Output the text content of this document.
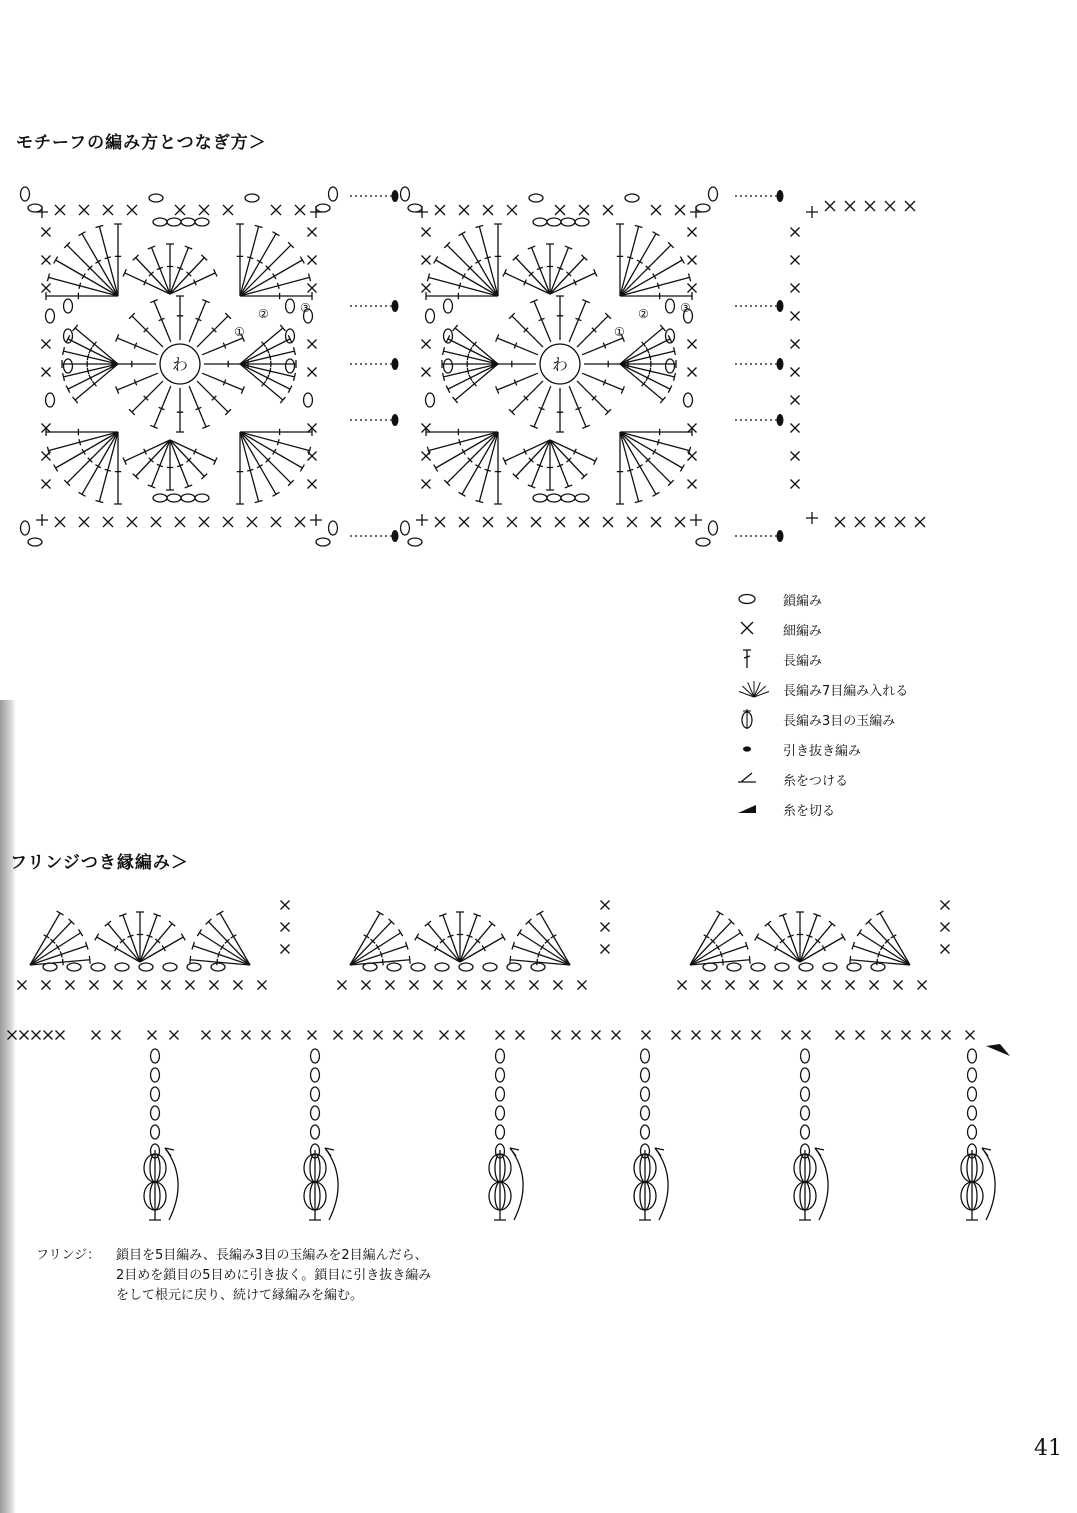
モチーフの編み方とつなぎ方＞
フリンジつき縁編み＞
わ
①
②	③
わ
①
②	③
鎖編み
細編み
長編み
長編み7目編み入れる
長編み3目の玉編み
引き抜き編み
糸をつける
糸を切る
フリンジ：	鎖目を5目編み、長編み3目の玉編みを2目編んだら、
2目めを鎖目の5目めに引き抜く。鎖目に引き抜き編み
をして根元に戻り、続けて縁編みを編む。
41
